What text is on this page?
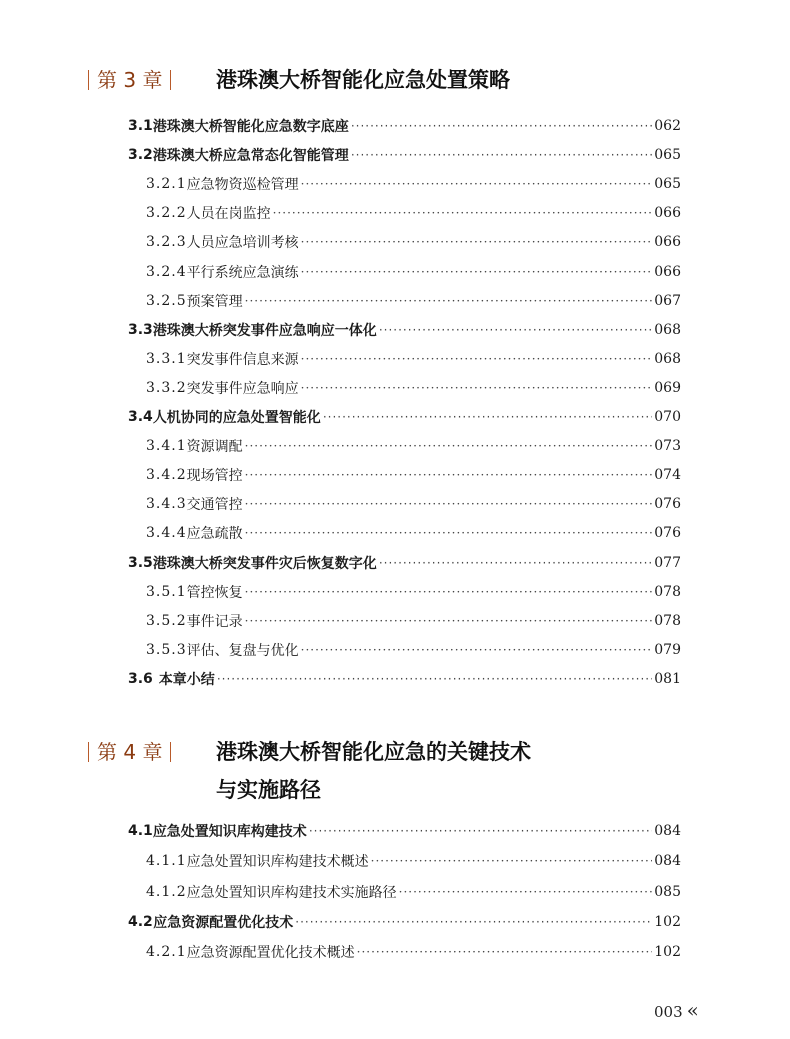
第 3 章	港珠澳大桥智能化应急处置策略
3.1 港珠澳大桥智能化应急数字底座 ·····	062
3.2 港珠澳大桥应急常态化智能管理 ·····	065
3.2.1 应急物资巡检管理 ·····	065
3.2.2 人员在岗监控 ·····	066
3.2.3 人员应急培训考核 ·····	066
3.2.4 平行系统应急演练 ·····	066
3.2.5 预案管理 ·····	067
3.3 港珠澳大桥突发事件应急响应一体化 ·····	068
3.3.1 突发事件信息来源 ·····	068
3.3.2 突发事件应急响应 ·····	069
3.4 人机协同的应急处置智能化 ·····	070
3.4.1 资源调配 ·····	073
3.4.2 现场管控 ·····	074
3.4.3 交通管控 ·····	076
3.4.4 应急疏散 ·····	076
3.5 港珠澳大桥突发事件灾后恢复数字化 ·····	077
3.5.1 管控恢复 ·····	078
3.5.2 事件记录 ·····	078
3.5.3 评估、复盘与优化 ·····	079
3.6 本章小结 ·····	081
第 4 章	港珠澳大桥智能化应急的关键技术
与实施路径
4.1 应急处置知识库构建技术 ·····	084
4.1.1 应急处置知识库构建技术概述 ·····	084
4.1.2 应急处置知识库构建技术实施路径 ·····	085
4.2 应急资源配置优化技术 ·····	102
4.2.1 应急资源配置优化技术概述 ·····	102
003 «
